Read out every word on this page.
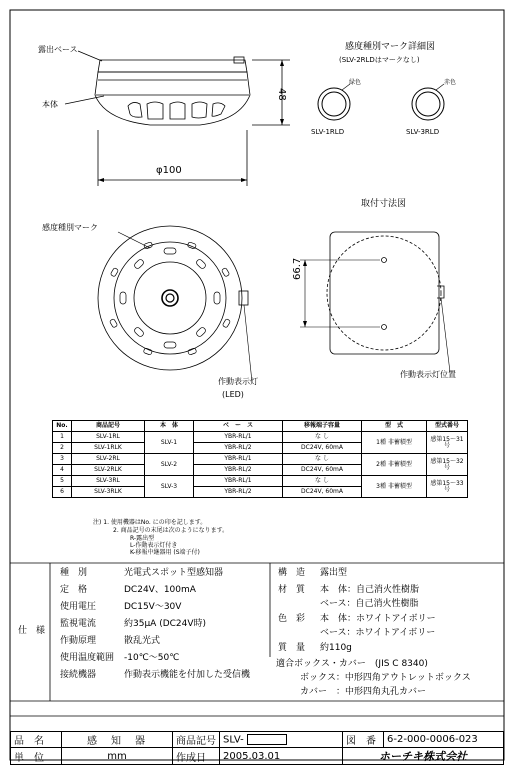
露出ベース
本体
48
φ100
感度種別マーク詳細図
(SLV-2RLDはマークなし)
緑色	赤色
SLV-1RLD	SLV-3RLD
感度種別マーク
作動表示灯
(LED)
取付寸法図
66.7
作動表示灯位置
No.	商品記号	本　体	ベ　ー　ス	移報端子容量	型　式	型式番号
1	SLV-1RL	SLV-1	YBR-RL/1	な し	1種 非蓄積型	感第15～31号
2	SLV-1RLK		YBR-RL/2	DC24V, 60mA		
3	SLV-2RL	SLV-2	YBR-RL/1	な し	2種 非蓄積型	感第15～32号
4	SLV-2RLK		YBR-RL/2	DC24V, 60mA		
5	SLV-3RL	SLV-3	YBR-RL/1	な し	3種 非蓄積型	感第15～33号
6	SLV-3RLK		YBR-RL/2	DC24V, 60mA		
注) 1. 使用機器はNo. にの印を記します。
2. 商品記号の末尾は次のようになります。
R-露出型
L-作動表示灯付き
K-移報中継器用 (S端子付)
仕　様
種　別	光電式スポット型感知器
定　格	DC24V、100mA
使用電圧	DC15V～30V
監視電流	約35μA (DC24V時)
作動原理	散乱光式
使用温度範囲 -10℃～50℃
接続機器	作動表示機能を付加した受信機
構　造 露出型
材　質 本　体：自己消火性樹脂
ベース：自己消火性樹脂
色　彩 本　体：ホワイトアイボリー
ベース：ホワイトアイボリー
質　量 約110g
適合ボックス・カバー　(JIS C 8340)
ボックス：中形四角アウトレットボックス
カバー　：中形四角丸孔カバー
品　名	感　知　器	商品記号	SLV-	図　番	6-2-000-0006-023
単　位	mm	作成日	2005.03.01	ホーチキ株式会社	
